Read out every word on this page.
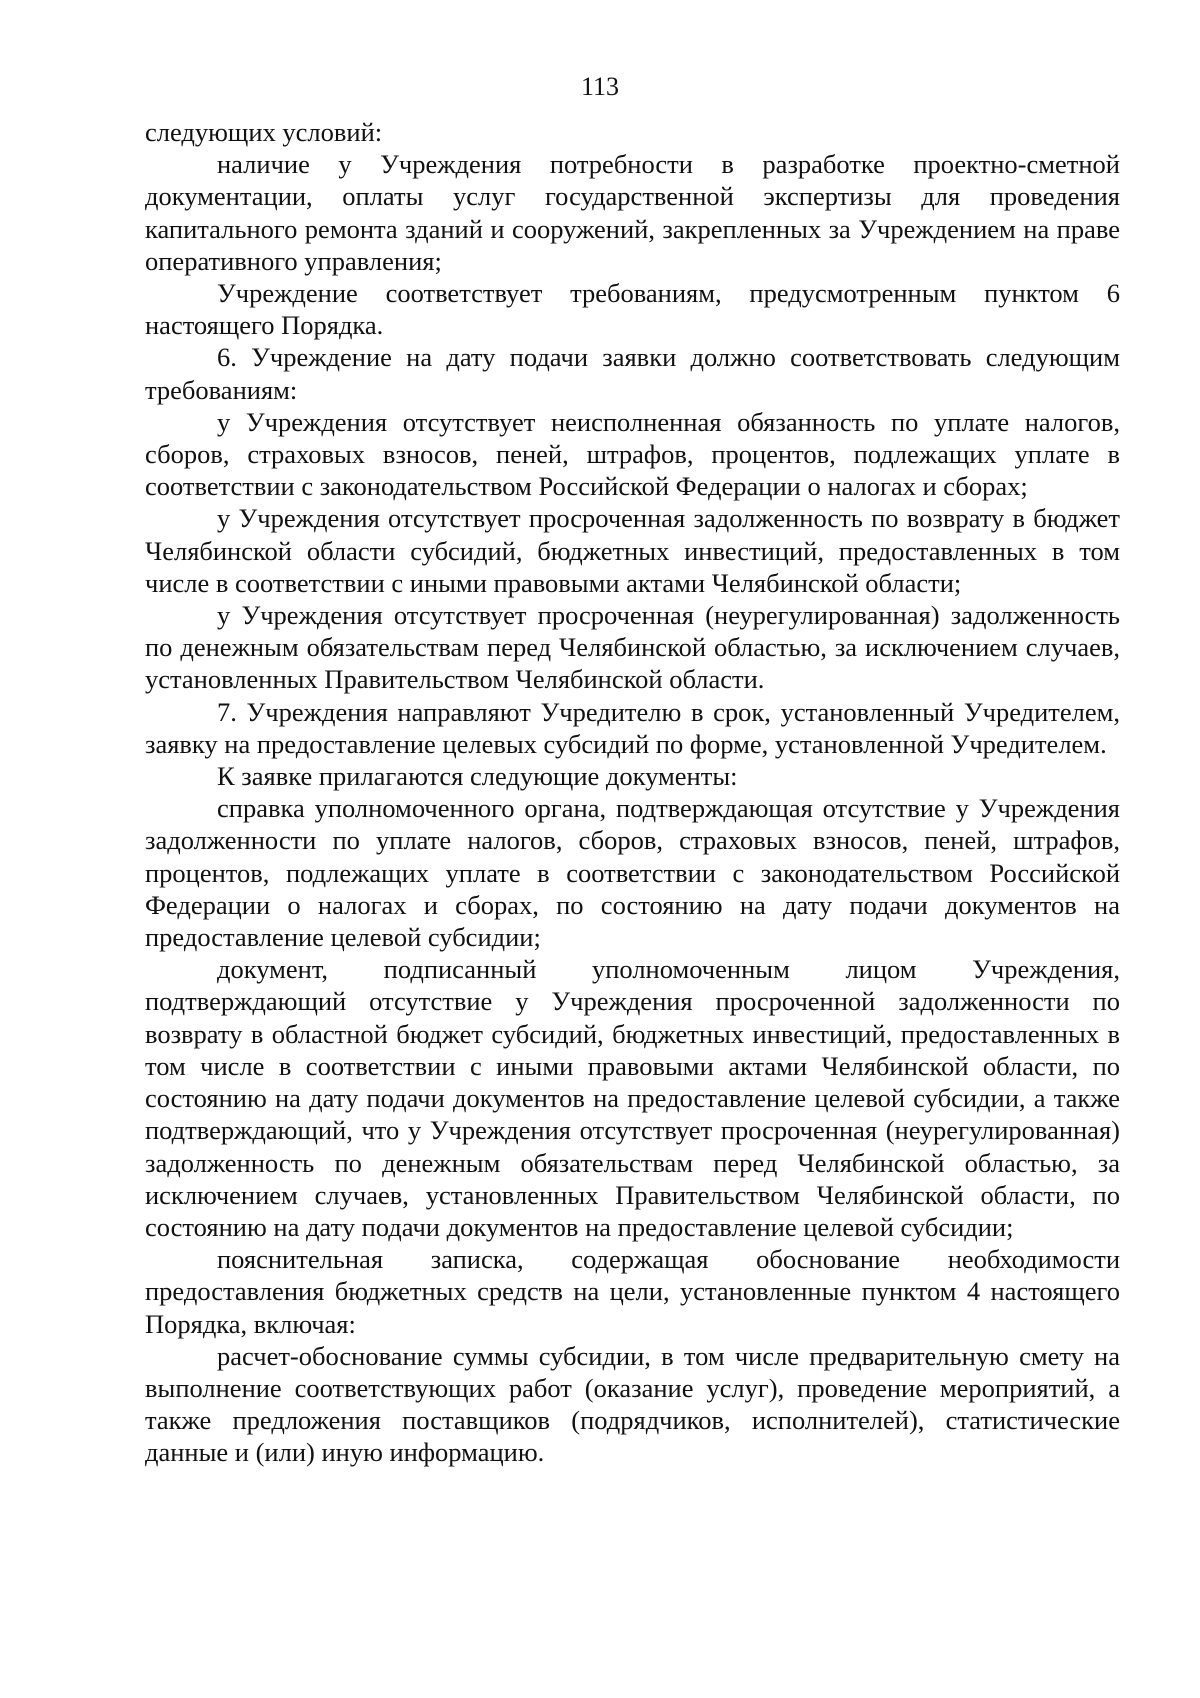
113

следующих условий:

наличие у Учреждения потребности в разработке проектно-сметной документации, оплаты услуг государственной экспертизы для проведения капитального ремонта зданий и сооружений, закрепленных за Учреждением на праве оперативного управления;

Учреждение соответствует требованиям, предусмотренным пунктом 6 настоящего Порядка.

6. Учреждение на дату подачи заявки должно соответствовать следующим требованиям:

у Учреждения отсутствует неисполненная обязанность по уплате налогов, сборов, страховых взносов, пеней, штрафов, процентов, подлежащих уплате в соответствии с законодательством Российской Федерации о налогах и сборах;

у Учреждения отсутствует просроченная задолженность по возврату в бюджет Челябинской области субсидий, бюджетных инвестиций, предоставленных в том числе в соответствии с иными правовыми актами Челябинской области;

у Учреждения отсутствует просроченная (неурегулированная) задолженность по денежным обязательствам перед Челябинской областью, за исключением случаев, установленных Правительством Челябинской области.

7. Учреждения направляют Учредителю в срок, установленный Учредителем, заявку на предоставление целевых субсидий по форме, установленной Учредителем.

К заявке прилагаются следующие документы:

справка уполномоченного органа, подтверждающая отсутствие у Учреждения задолженности по уплате налогов, сборов, страховых взносов, пеней, штрафов, процентов, подлежащих уплате в соответствии с законодательством Российской Федерации о налогах и сборах, по состоянию на дату подачи документов на предоставление целевой субсидии;

документ, подписанный уполномоченным лицом Учреждения, подтверждающий отсутствие у Учреждения просроченной задолженности по возврату в областной бюджет субсидий, бюджетных инвестиций, предоставленных в том числе в соответствии с иными правовыми актами Челябинской области, по состоянию на дату подачи документов на предоставление целевой субсидии, а также подтверждающий, что у Учреждения отсутствует просроченная (неурегулированная) задолженность по денежным обязательствам перед Челябинской областью, за исключением случаев, установленных Правительством Челябинской области, по состоянию на дату подачи документов на предоставление целевой субсидии;

пояснительная записка, содержащая обоснование необходимости предоставления бюджетных средств на цели, установленные пунктом 4 настоящего Порядка, включая:

расчет-обоснование суммы субсидии, в том числе предварительную смету на выполнение соответствующих работ (оказание услуг), проведение мероприятий, а также предложения поставщиков (подрядчиков, исполнителей), статистические данные и (или) иную информацию.
